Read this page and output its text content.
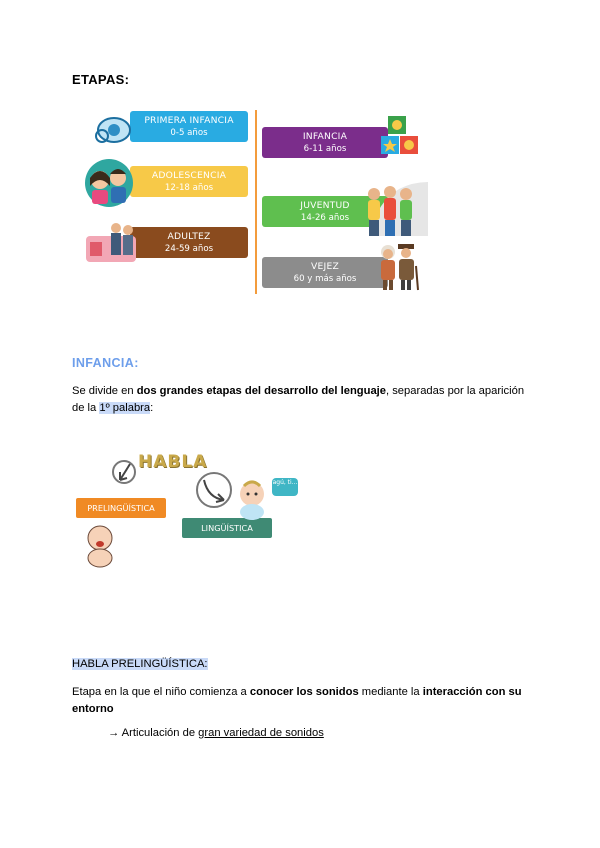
ETAPAS:
PRIMERA INFANCIA
0-5 años
ADOLESCENCIA
12-18 años
ADULTEZ
24-59 años
INFANCIA
6-11 años
JUVENTUD
14-26 años
VEJEZ
60 y más años
INFANCIA:
Se divide en dos grandes etapas del desarrollo del lenguaje, separadas por la aparición
de la 1º palabra:
HABLA
PRELINGÜÍSTICA
LINGÜÍSTICA
agú, ti...
HABLA PRELINGÜÍSTICA:
Etapa en la que el niño comienza a conocer los sonidos mediante la interacción con su
entorno
→ Articulación de gran variedad de sonidos
